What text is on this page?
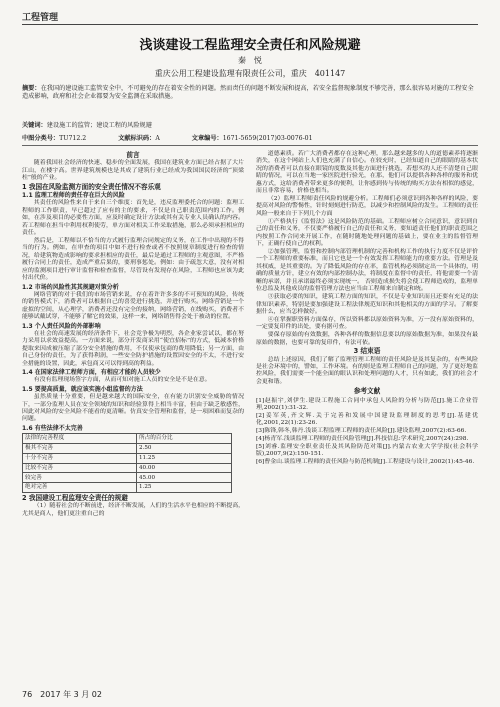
工程管理
浅谈建设工程监理安全责任和风险规避
秦　悦
重庆公用工程建设监理有限责任公司，重庆　401147
摘要：在我国的建设施工监管安全中，不可避免的存在着安全性的问题。然而责任的问题不断发展和提高，若安全监督现象制度不够完善，那么很容易对施的工程安全造成影响，政府和社会企业都要为安全监测在采取措施。
关键词：建设施工的监管；建设工程的风险规避
中图分类号：TU712.2	文献标识码：A	文章编号：1671-5659(2017)03-0076-01
前言

随着我国社会经济的快速、稳步的全面发展，我国在建筑业方面已经占据了大片江山，在楼宇高。世界建筑规模也是其成了建筑行业已经成为我国国民经济的“顶梁柱”般的产业。

1 我国在风险监测方面的安全责任情况不容乐观
1.1 监理工程师的责任存在巨大的风险

其责任的风险性来自于来自三个维度：首先是，违反监理委托合的问题：监理工程师的工作职责，早已超过了应有的主的要求，不仅是自己职责范围内的工作。例如，在涉及项目的必要性方面，应及时确定设计方法或其有关专业人员确认的内容。若工程师在担当中利用权利使劳，单方面对相关工作采取措施，那么必须承担相应的责任。

然后是，工程师以不恰当的方式履行监理合同规定的义务，在工作中出现的不得当的行为。例如，在审查的项目中如不进行检查或者不按照规章制度进行检查的情况，给建筑物造成影响的要求担相应的责任，最后是通过工程师的主观意图，不严格履行合同上的责任，造成严重后果的，要刑事惩处。例如：由于疏忽大意，没有对相应的监测项目进行审计监督和检查监督，尽管设有发现存在风险，工程师也应该为此付出代价。

1.2 市场的风险性其其规避对策分析

网络营销的对于我们的市场营销来说，存在着许许多多的不可预知的风险，传统的销售模式下，消费者可以根据自己的喜爱进行挑选，并进行购买。网络营销是一个虚拟的空间，从心理学，消费者还没有完全的接纳，网络营销，在线购买，消费者不能够试戴试穿，不能够了解它的效果，这样一来，网络销售得会处于被动的位置。

1.3 个人责任风险的外部影响

在社会的高速发展的经济条件下，社会竞争极为明烈，各企业家尝试以，都在努力采用以求效益提高。一方面来说，部分开发商采用“使宜招标”的方式，低减本价格提取来因成被压缩了部分安全措施的费用，不仅使承包商的费用降低；另一方面，由自己身份的责任，为了获得利润，一些安全防护措施的设置因安全的不太，不进行安全措施的设置，因此，承包商又可以得到高的利益。

1.4 在国家法律工程师方面，有相应才能的人员较少

有没有监理现场签字方面，从而可知对施工人员的安全是不是在意。

1.5 要提高质量，就应该实施小组监督的方法

虽然质量十分重要，但是越来越大的国际安全，在有能力识别安全威胁的情况下，一部分监理人员在安全领域的知识和经验算得上相当丰富，但由于缺乏敏感性，因此对风险的安全风险不能看的更清晰。仿真安全管理和监督，是一项困难而复杂的问题。

1.6 有些法律不太完善
法律的完善程度	所占的百分比
极其不完善	2.50
十分不完善	11.25
比较不完善	40.00
较完善	45.00
绝对完善	1.25
2 我国建设工程监理安全责任的规避

（1）随着社会的不断前进，经济不断发展，人们的生活水平也相应的不断提高，尤其是商人，他们更注重自己的

道德素质。若广大消费者都存在这种心理，那么越来越多的人的道德素养将逐渐消失，在这个网站上人们也充满了自信心。在较充时，已经知道自己的眼睛的基本状况的消费者可以直接在眼镜的度数及其他方面进行挑选，若想买的人还不清楚自己眼睛的情况，可以在当地一家医院进行验光，在那，他们可以提供各种各样的服务和优惠方式，这给消费者带来更多的便利，让你感到传与传统的购买方法有相似的感觉，而且非常容易，价格也相当。

（2）监理工程师责任风险的规避分析。工程师们必须意识到各种各样的风险，要提高对风险的警惕性，针时刻刻进行防范，以减少和控制风险的发生。工程师的责任风险一般来自于下列几个方面

①产格执行《监督法》这是风险防范的基础。工程师应树立合同意识，意识到自己的责任和义务，不仅要严格履行自己的责任和义务，要知道责任他们的职责范围之内按照工作合同来开展工作，在随时随地处理问题的基础上，要在业主的监督管理下，正确行使自己的权利。

②加强管理，监督和控制内部管理机制的完善和机构工作的执行力度不仅是评价一个工程师的重要标准，而且它也是一个有效发挥工程师能力的重要方法。管理是及其权威，是其重要的。为了降低风险的存在率，监管机构必须制定出一个具体的，明确的质量方针，建立有效的内部控制办法，将制度在监督中的责任，将他需要一个清晰的承诺，并且承诺最终必须实现统一。 否则造成损失将会使工程师造成的，监理单位总监及其他成员的监督管理方法也应当由工程师来自制定和统。

③获取必要的知识，建筑工程方面的知识，不仅是专业知识而且还要有充足的法律知识素养，特别是要加强建设工程法律规范知识和其他相关的方面的学习。了解要据什么，应当怎样做好。

④在掌握职资料方面保存，所以资料都以原始资料为准，万一没有原始资料的，一定要复印件的出处，要有据可查。

要保存原始的有效数据，各种各样的数据信息要以的原始数据为准，如果没有最原始的数据，也要可靠的复印件，有法可依。

3 结束语

总结上述原因，我们了解了监理管理工程师的责任风险是及其复杂的，有些风险是社会环境中的，譬如，工作环境。有的则是监理工程师自己的问题，为了更好地监控风险，我们需要一个能全面的眼认识和处理问题的人才，只有如此，我们的社会才会更和谐。

参考文献

[1]赵振宇,刘伊生.建设工程施工合同中承包人风险的分析与防范[J].施工企业管理,2002(1):31-32.

[2]姜军英,齐文辉.关于完善和发展中国建设监理制度的思考[J].基建优化,2001,22(1):23-26.

[3]陈锋,韩冬,韩丹.浅谈工程监理工程师的责任风险[J].建设监理,2007(2):63-66.

[4]杨青军.浅谈监理工程师的责任风险管理[J].科技信息:学术研究,2007(24):298.

[5]刘睿.监理安全职业责任及其风险防范对策[J].内蒙古农业大学学报(社会科学版),2007,9(2):150-151.

[6]曹金山.谈监理工程师的责任风险与防范机制[J].工程建设与设计,2002(1):45-46.

76　2017 年 3 月 02
